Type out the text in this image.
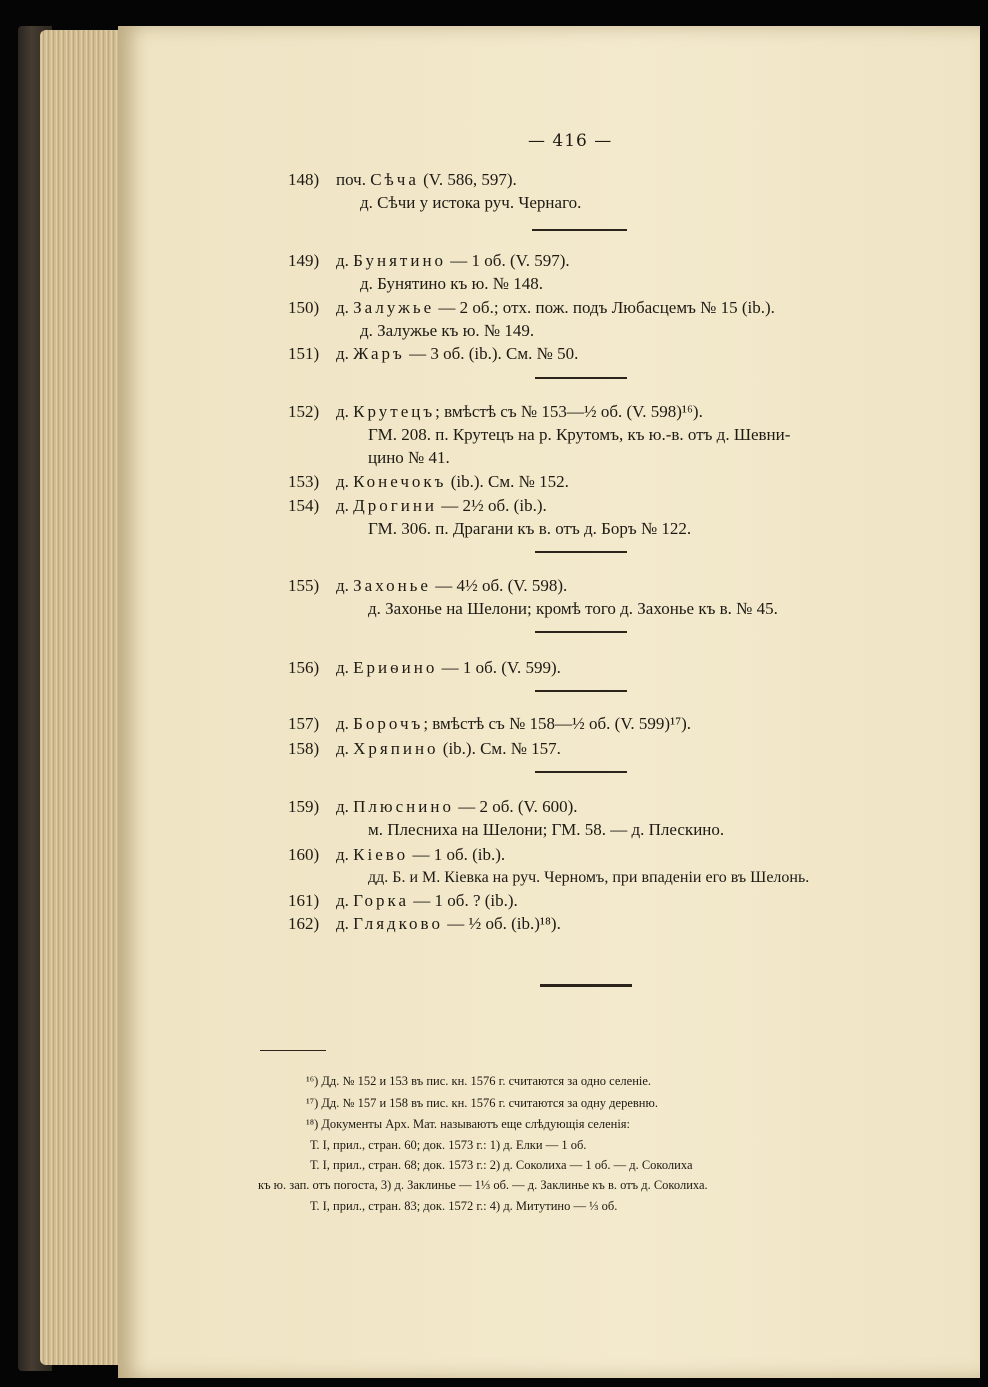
— 416 —
148) поч. Сѣча (V. 586, 597).
д. Сѣчи у истока руч. Чернаго.
149) д. Бунятино — 1 об. (V. 597).
д. Бунятино къ ю. № 148.
150) д. Залужье — 2 об.; отх. пож. подъ Любасцемъ № 15 (ib.).
д. Залужье къ ю. № 149.
151) д. Жаръ — 3 об. (ib.). См. № 50.
152) д. Крутецъ; вмѣстѣ съ № 153—½ об. (V. 598)¹⁶).
ГМ. 208. п. Крутецъ на р. Крутомъ, къ ю.-в. отъ д. Шевни-
цино № 41.
153) д. Конечокъ (ib.). См. № 152.
154) д. Дрогини — 2½ об. (ib.).
ГМ. 306. п. Драгани къ в. отъ д. Боръ № 122.
155) д. Захонье — 4½ об. (V. 598).
д. Захонье на Шелони; кромѣ того д. Захонье къ в. № 45.
156) д. Ериѳино — 1 об. (V. 599).
157) д. Борочъ; вмѣстѣ съ № 158—½ об. (V. 599)¹⁷).
158) д. Хряпино (ib.). См. № 157.
159) д. Плюснино — 2 об. (V. 600).
м. Плесниха на Шелони; ГМ. 58. — д. Плескино.
160) д. Кіево — 1 об. (ib.).
дд. Б. и М. Кіевка на руч. Черномъ, при впаденіи его въ Шелонь.
161) д. Горка — 1 об. ? (ib.).
162) д. Глядково — ½ об. (ib.)¹⁸).
¹⁶) Дд. № 152 и 153 въ пис. кн. 1576 г. считаются за одно селеніе.
¹⁷) Дд. № 157 и 158 въ пис. кн. 1576 г. считаются за одну деревню.
¹⁸) Документы Арх. Мат. называютъ еще слѣдующія селенія:
Т. I, прил., стран. 60; док. 1573 г.: 1) д. Елки — 1 об.
Т. I, прил., стран. 68; док. 1573 г.: 2) д. Соколиха — 1 об. — д. Соколиха
къ ю. зап. отъ погоста, 3) д. Заклинье — 1⅓ об. — д. Заклинье къ в. отъ д. Соколиха.
Т. I, прил., стран. 83; док. 1572 г.: 4) д. Митутино — ⅓ об.
